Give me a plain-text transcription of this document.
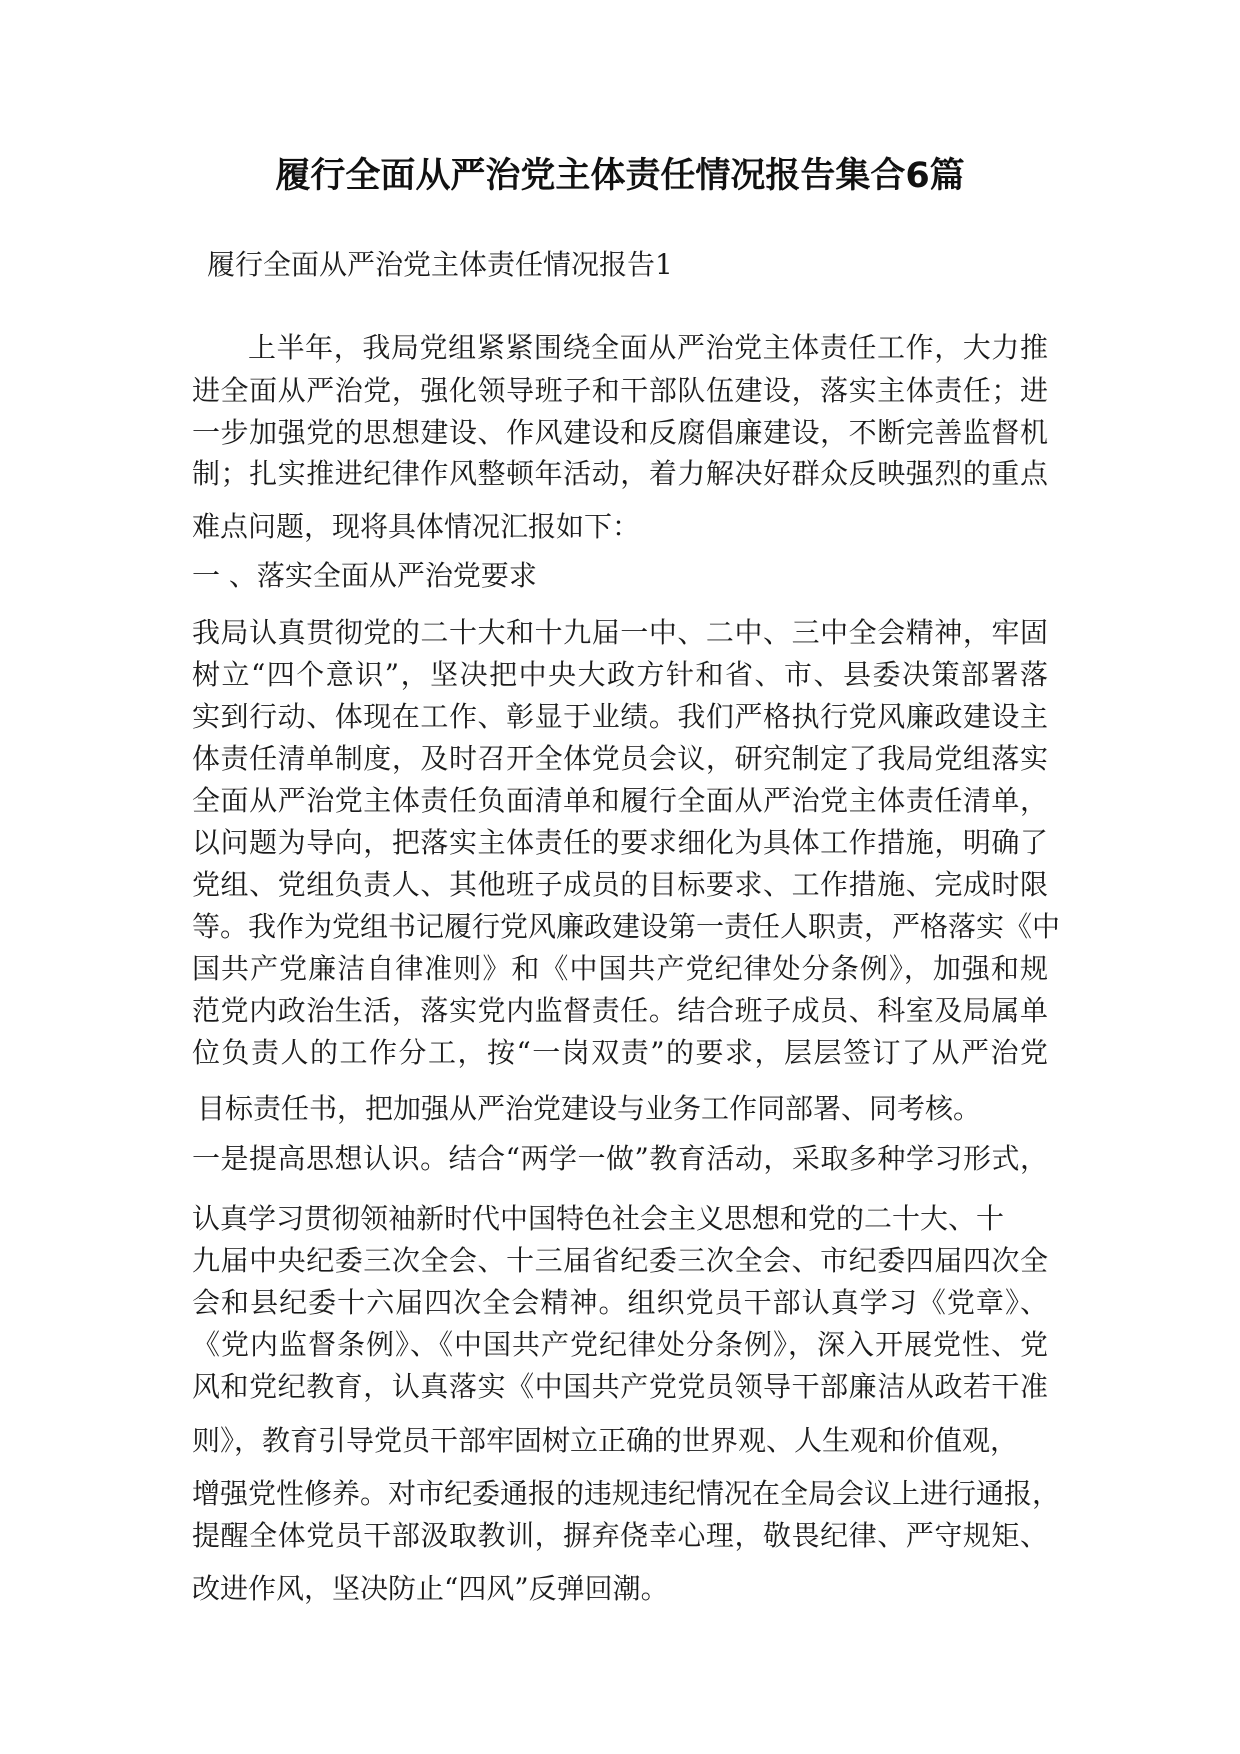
履行全面从严治党主体责任情况报告集合6篇

履行全面从严治党主体责任情况报告1

上半年，我局党组紧紧围绕全面从严治党主体责任工作，大力推

进全面从严治党，强化领导班子和干部队伍建设，落实主体责任；进

一步加强党的思想建设、作风建设和反腐倡廉建设，不断完善监督机

制；扎实推进纪律作风整顿年活动，着力解决好群众反映强烈的重点

难点问题，现将具体情况汇报如下：

一 、落实全面从严治党要求

我局认真贯彻党的二十大和十九届一中、二中、三中全会精神，牢固

树立“四个意识”，坚决把中央大政方针和省、市、县委决策部署落

实到行动、体现在工作、彰显于业绩。我们严格执行党风廉政建设主

体责任清单制度，及时召开全体党员会议，研究制定了我局党组落实

全面从严治党主体责任负面清单和履行全面从严治党主体责任清单，

以问题为导向，把落实主体责任的要求细化为具体工作措施，明确了

党组、党组负责人、其他班子成员的目标要求、工作措施、完成时限

等。我作为党组书记履行党风廉政建设第一责任人职责，严格落实《中

国共产党廉洁自律准则》和《中国共产党纪律处分条例》，加强和规

范党内政治生活，落实党内监督责任。结合班子成员、科室及局属单

位负责人的工作分工，按“一岗双责”的要求，层层签订了从严治党

目标责任书，把加强从严治党建设与业务工作同部署、同考核。

一是提高思想认识。结合“两学一做”教育活动，采取多种学习形式，

认真学习贯彻领袖新时代中国特色社会主义思想和党的二十大、十

九届中央纪委三次全会、十三届省纪委三次全会、市纪委四届四次全

会和县纪委十六届四次全会精神。组织党员干部认真学习《党章》、

《党内监督条例》、《中国共产党纪律处分条例》，深入开展党性、党

风和党纪教育，认真落实《中国共产党党员领导干部廉洁从政若干准

则》，教育引导党员干部牢固树立正确的世界观、人生观和价值观，

增强党性修养。对市纪委通报的违规违纪情况在全局会议上进行通报，

提醒全体党员干部汲取教训，摒弃侥幸心理，敬畏纪律、严守规矩、

改进作风，坚决防止“四风”反弹回潮。
